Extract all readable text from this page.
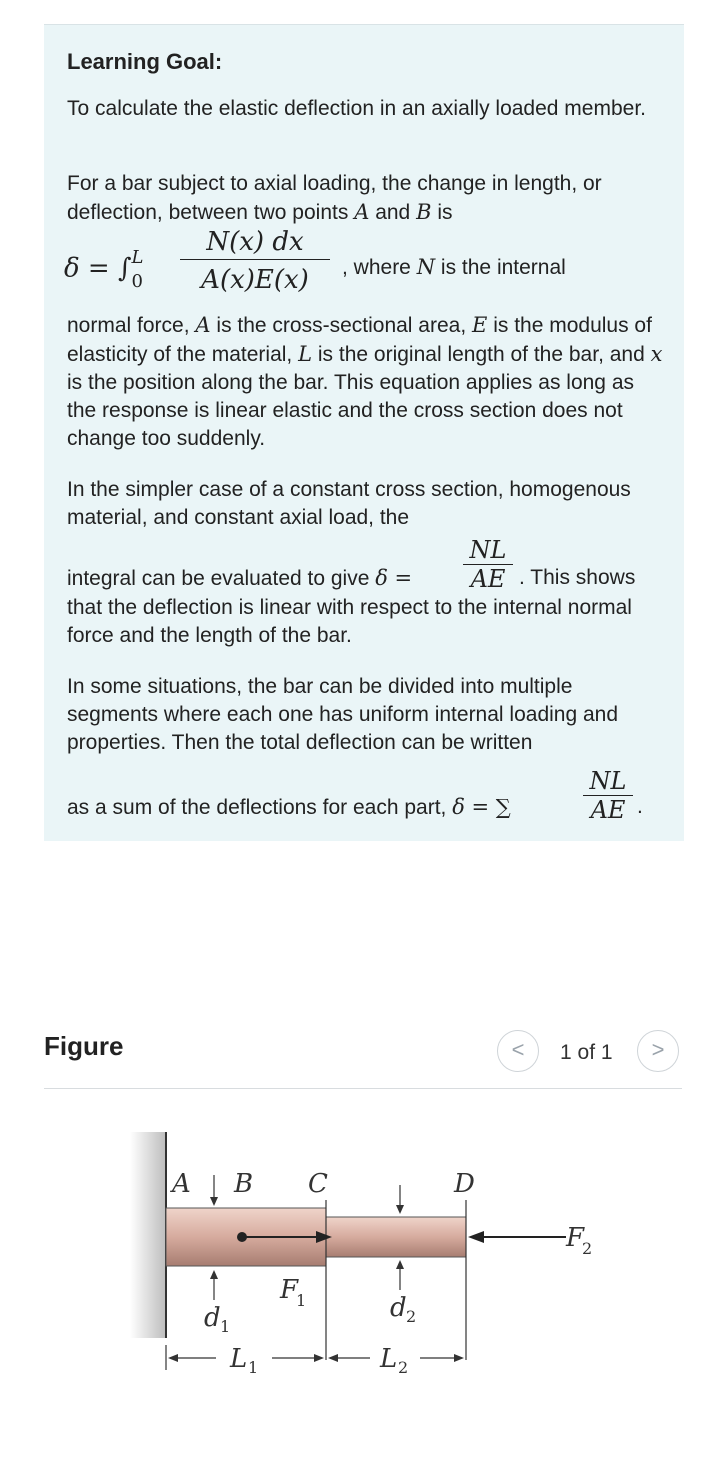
Learning Goal:
To calculate the elastic deflection in an axially loaded member.
For a bar subject to axial loading, the change in length, or deflection, between two points A and B is
δ = ∫$^L_0$
N(x) dx
A(x)E(x)	, where N is the internal
normal force, A is the cross-sectional area, E is the modulus of elasticity of the material, L is the original length of the bar, and x is the position along the bar. This equation applies as long as the response is linear elastic and the cross section does not change too suddenly.
In the simpler case of a constant cross section, homogenous material, and constant axial load, the
integral can be evaluated to give δ =
NL
AE . This shows
that the deflection is linear with respect to the internal normal force and the length of the bar.
In some situations, the bar can be divided into multiple segments where each one has uniform internal loading and properties. Then the total deflection can be written
as a sum of the deflections for each part, δ = ∑
NL
AE .
Figure	<	1 of 1	>
A B C	D
F
1
F
2
d 1
d 2
L 1	L 2
